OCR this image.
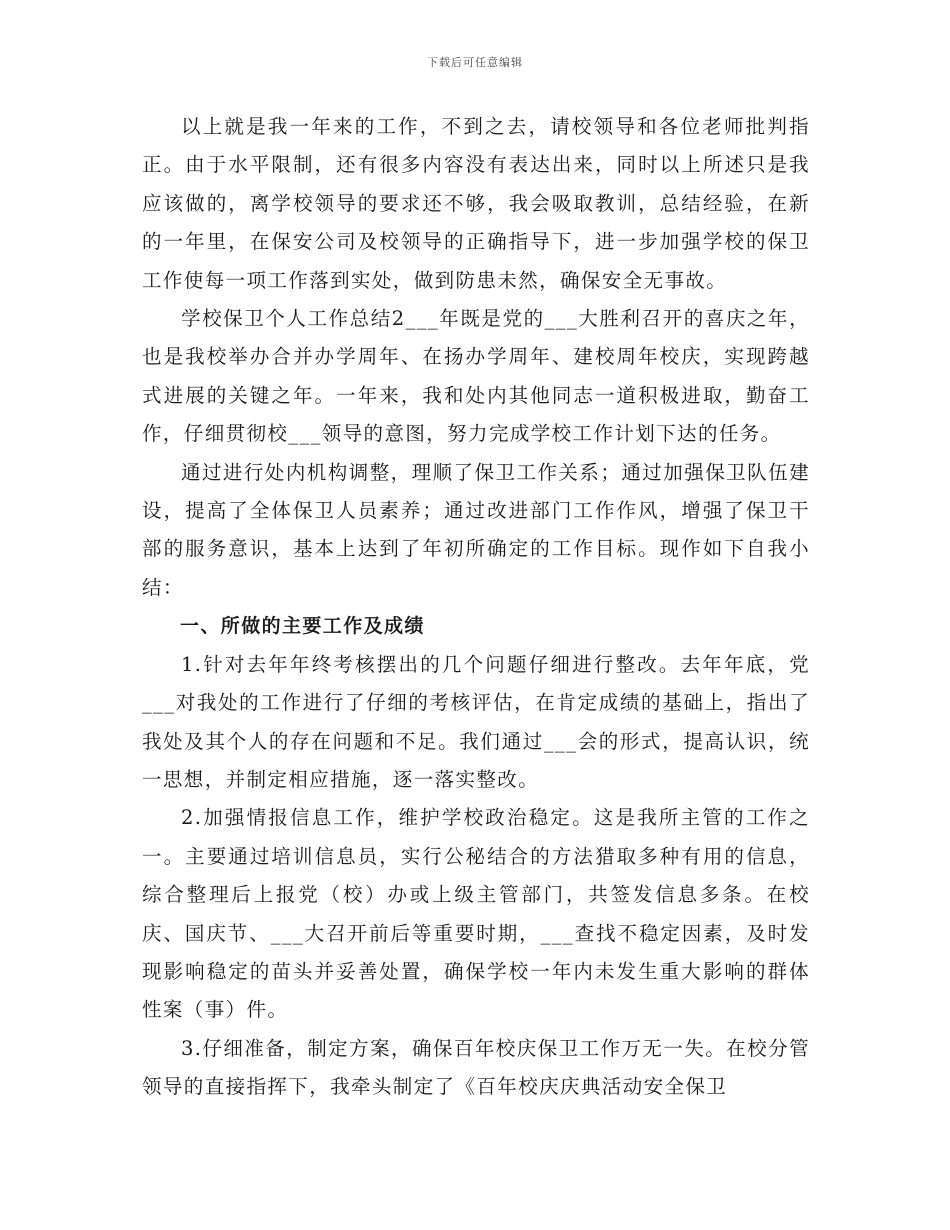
下载后可任意编辑

以上就是我一年来的工作，不到之去，请校领导和各位老师批判指正。由于水平限制，还有很多内容没有表达出来，同时以上所述只是我应该做的，离学校领导的要求还不够，我会吸取教训，总结经验，在新的一年里，在保安公司及校领导的正确指导下，进一步加强学校的保卫工作使每一项工作落到实处，做到防患未然，确保安全无事故。

学校保卫个人工作总结2___年既是党的___大胜利召开的喜庆之年，也是我校举办合并办学周年、在扬办学周年、建校周年校庆，实现跨越式进展的关键之年。一年来，我和处内其他同志一道积极进取，勤奋工作，仔细贯彻校___领导的意图，努力完成学校工作计划下达的任务。

通过进行处内机构调整，理顺了保卫工作关系；通过加强保卫队伍建设，提高了全体保卫人员素养；通过改进部门工作作风，增强了保卫干部的服务意识，基本上达到了年初所确定的工作目标。现作如下自我小结：

一、所做的主要工作及成绩

1.针对去年年终考核摆出的几个问题仔细进行整改。去年年底，党___对我处的工作进行了仔细的考核评估，在肯定成绩的基础上，指出了我处及其个人的存在问题和不足。我们通过___会的形式，提高认识，统一思想，并制定相应措施，逐一落实整改。

2.加强情报信息工作，维护学校政治稳定。这是我所主管的工作之一。主要通过培训信息员，实行公秘结合的方法猎取多种有用的信息，综合整理后上报党（校）办或上级主管部门，共签发信息多条。在校庆、国庆节、___大召开前后等重要时期，___查找不稳定因素，及时发现影响稳定的苗头并妥善处置，确保学校一年内未发生重大影响的群体性案（事）件。

3.仔细准备，制定方案，确保百年校庆保卫工作万无一失。在校分管领导的直接指挥下，我牵头制定了《百年校庆庆典活动安全保卫
